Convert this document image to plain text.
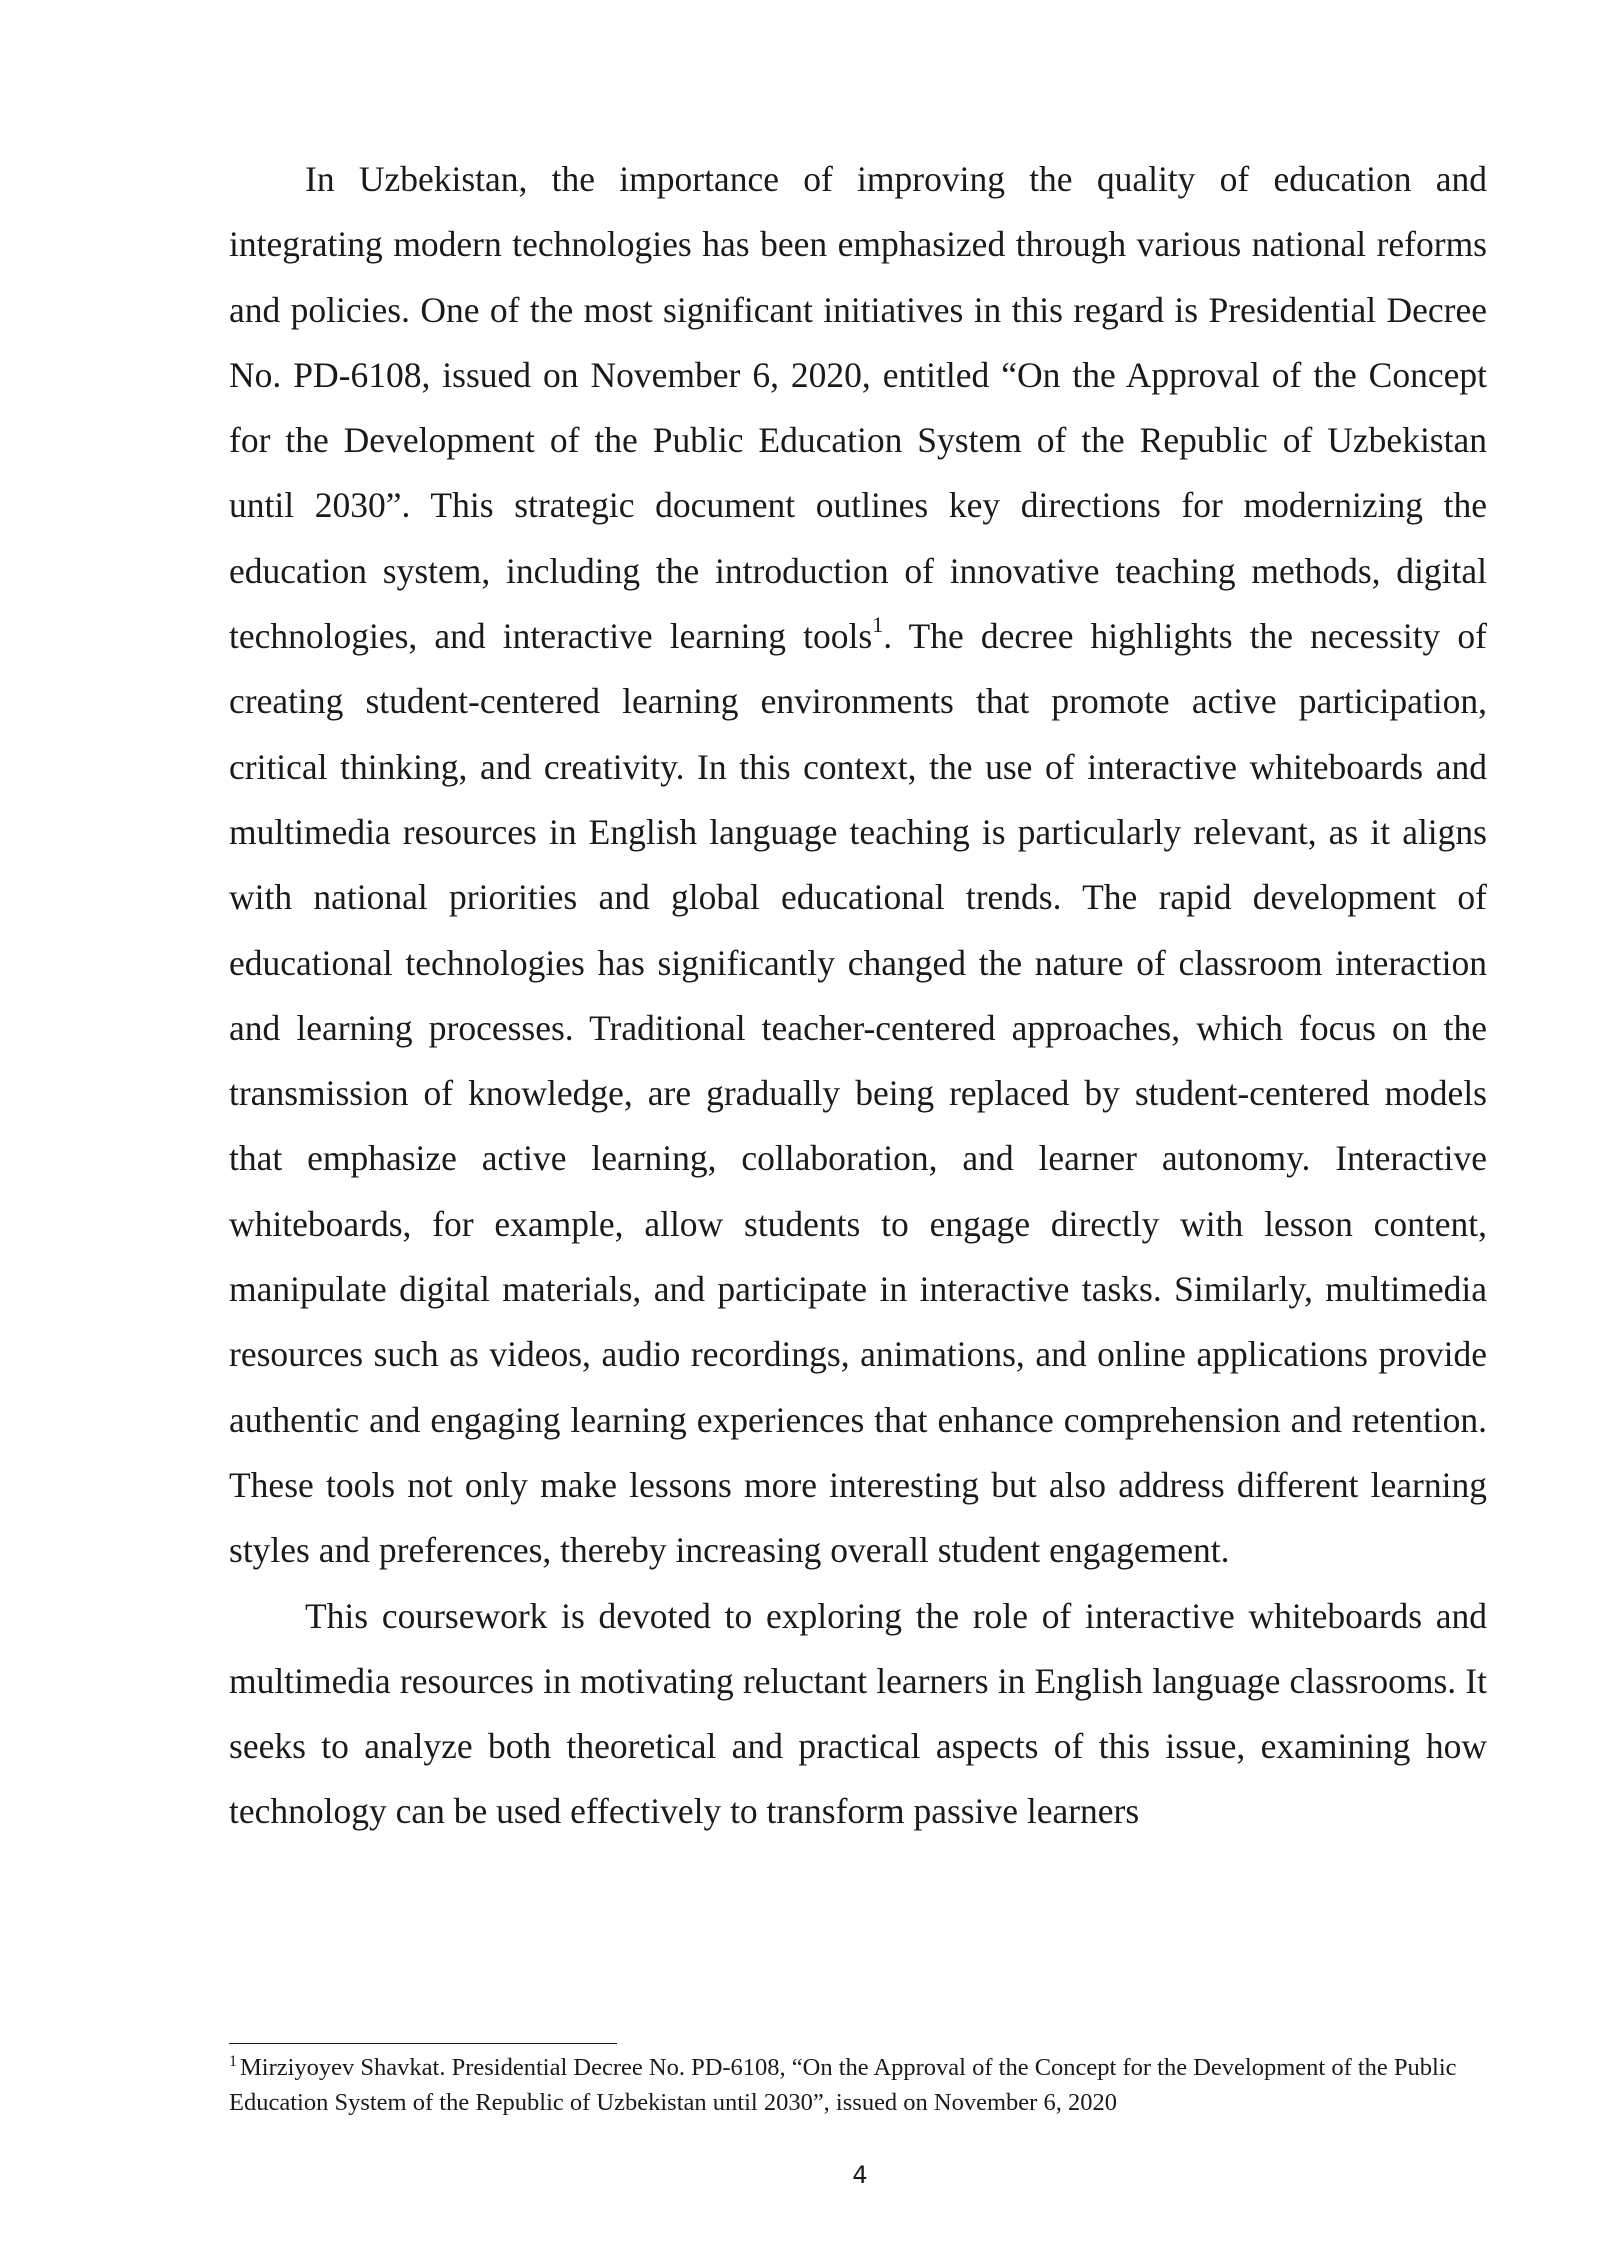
In Uzbekistan, the importance of improving the quality of education and integrating modern technologies has been emphasized through various national reforms and policies. One of the most significant initiatives in this regard is Presidential Decree No. PD-6108, issued on November 6, 2020, entitled “On the Approval of the Concept for the Development of the Public Education System of the Republic of Uzbekistan until 2030”. This strategic document outlines key directions for modernizing the education system, including the introduction of innovative teaching methods, digital technologies, and interactive learning tools$^1$. The decree highlights the necessity of creating student-centered learning environments that promote active participation, critical thinking, and creativity. In this context, the use of interactive whiteboards and multimedia resources in English language teaching is particularly relevant, as it aligns with national priorities and global educational trends. The rapid development of educational technologies has significantly changed the nature of classroom interaction and learning processes. Traditional teacher-centered approaches, which focus on the transmission of knowledge, are gradually being replaced by student-centered models that emphasize active learning, collaboration, and learner autonomy. Interactive whiteboards, for example, allow students to engage directly with lesson content, manipulate digital materials, and participate in interactive tasks. Similarly, multimedia resources such as videos, audio recordings, animations, and online applications provide authentic and engaging learning experiences that enhance comprehension and retention. These tools not only make lessons more interesting but also address different learning styles and preferences, thereby increasing overall student engagement.

This coursework is devoted to exploring the role of interactive whiteboards and multimedia resources in motivating reluctant learners in English language classrooms. It seeks to analyze both theoretical and practical aspects of this issue, examining how technology can be used effectively to transform passive learners

$^1$ Mirziyoyev Shavkat. Presidential Decree No. PD-6108, “On the Approval of the Concept for the Development of the Public Education System of the Republic of Uzbekistan until 2030”, issued on November 6, 2020
4
